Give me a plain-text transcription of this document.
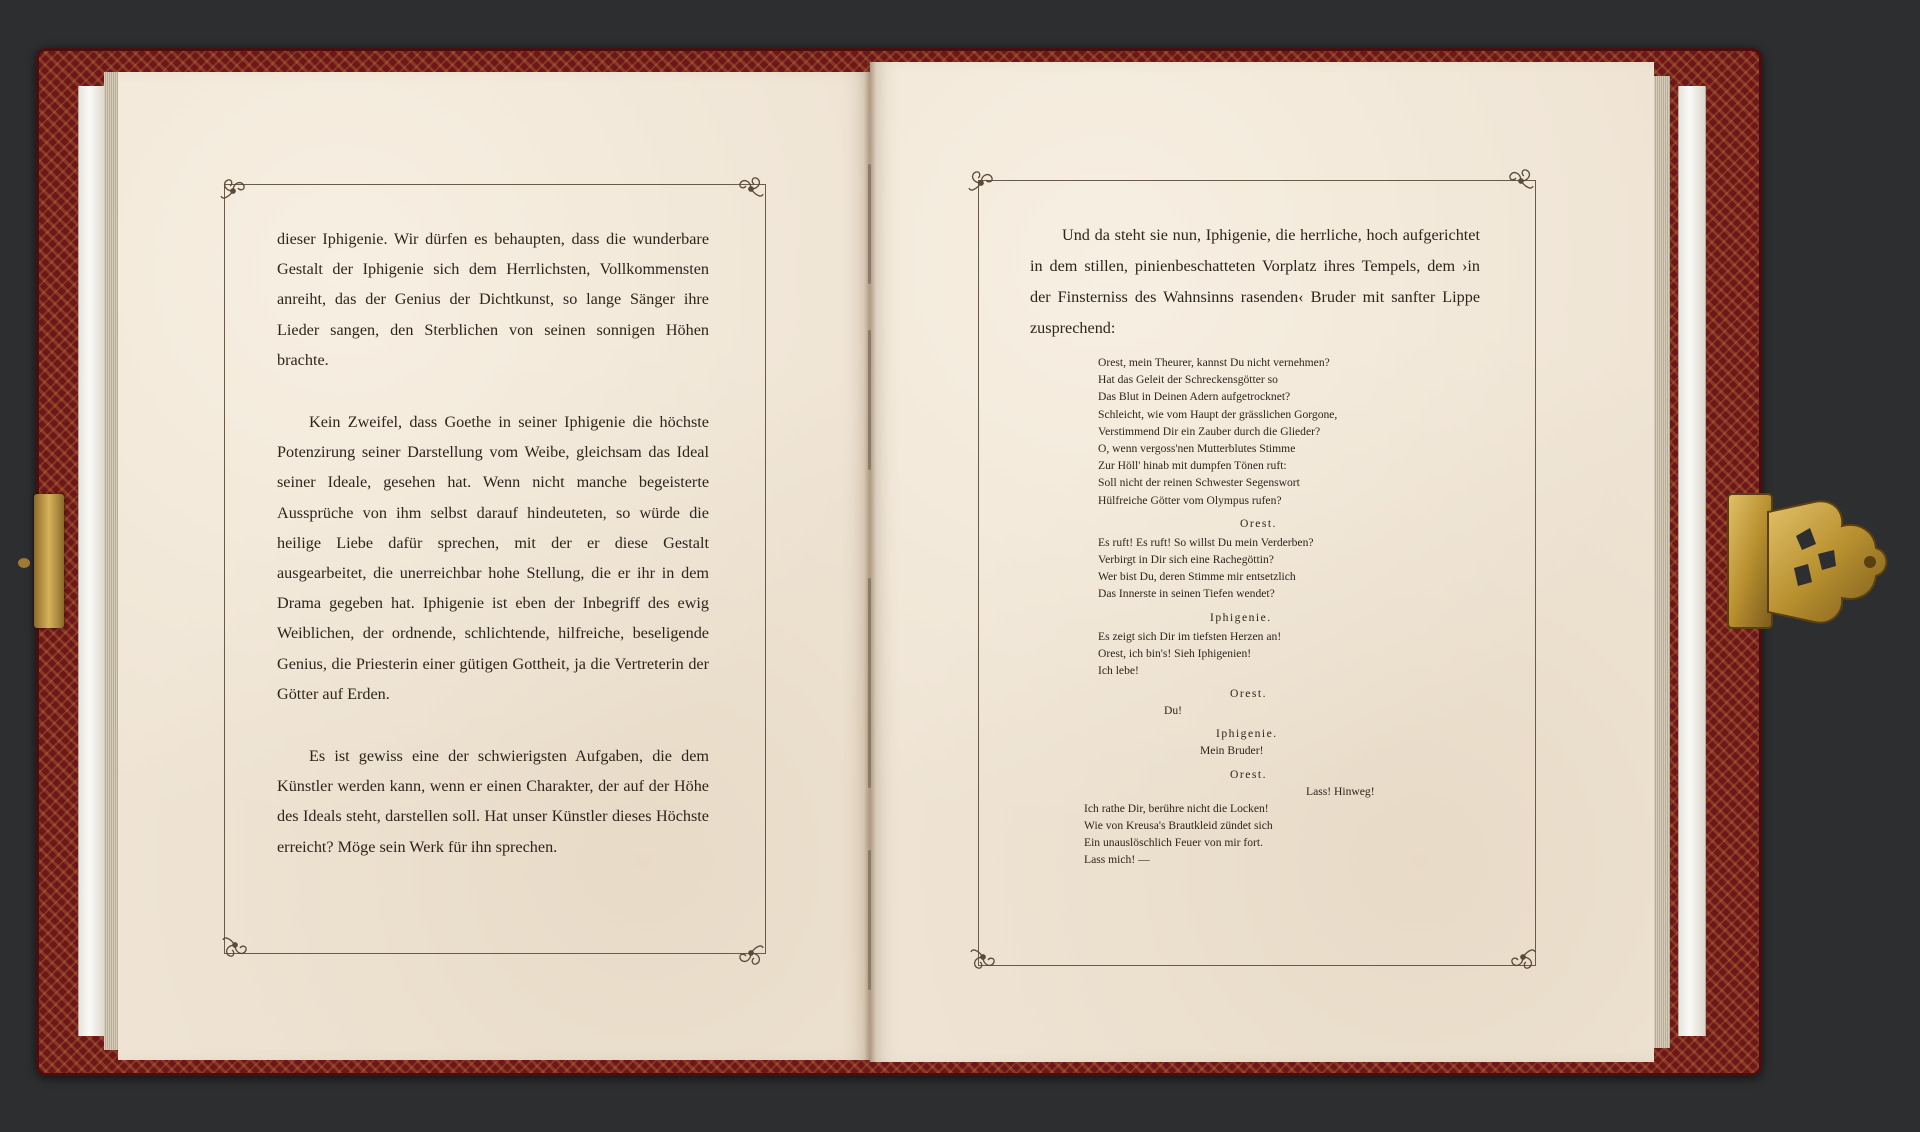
dieser Iphigenie. Wir dürfen es behaupten, dass die wunderbare Gestalt der Iphigenie sich dem Herrlichsten, Vollkommensten anreiht, das der Genius der Dichtkunst, so lange Sänger ihre Lieder sangen, den Sterblichen von seinen sonnigen Höhen brachte.

Kein Zweifel, dass Goethe in seiner Iphigenie die höchste Potenzirung seiner Darstellung vom Weibe, gleichsam das Ideal seiner Ideale, gesehen hat. Wenn nicht manche begeisterte Aussprüche von ihm selbst darauf hindeuteten, so würde die heilige Liebe dafür sprechen, mit der er diese Gestalt ausgearbeitet, die unerreichbar hohe Stellung, die er ihr in dem Drama gegeben hat. Iphigenie ist eben der Inbegriff des ewig Weiblichen, der ordnende, schlichtende, hilfreiche, beseligende Genius, die Priesterin einer gütigen Gottheit, ja die Vertreterin der Götter auf Erden.

Es ist gewiss eine der schwierigsten Aufgaben, die dem Künstler werden kann, wenn er einen Charakter, der auf der Höhe des Ideals steht, darstellen soll. Hat unser Künstler dieses Höchste erreicht? Möge sein Werk für ihn sprechen.

Und da steht sie nun, Iphigenie, die herrliche, hoch aufgerichtet in dem stillen, pinienbeschatteten Vorplatz ihres Tempels, dem ›in der Finsterniss des Wahnsinns rasenden‹ Bruder mit sanfter Lippe zusprechend:

Orest, mein Theurer, kannst Du nicht vernehmen?

Hat das Geleit der Schreckensgötter so

Das Blut in Deinen Adern aufgetrocknet?

Schleicht, wie vom Haupt der grässlichen Gorgone,

Verstimmend Dir ein Zauber durch die Glieder?

O, wenn vergoss'nen Mutterblutes Stimme

Zur Höll' hinab mit dumpfen Tönen ruft:

Soll nicht der reinen Schwester Segenswort

Hülfreiche Götter vom Olympus rufen?

Orest.

Es ruft! Es ruft! So willst Du mein Verderben?

Verbirgt in Dir sich eine Rachegöttin?

Wer bist Du, deren Stimme mir entsetzlich

Das Innerste in seinen Tiefen wendet?

Iphigenie.

Es zeigt sich Dir im tiefsten Herzen an!

Orest, ich bin's! Sieh Iphigenien!

Ich lebe!

Orest.

Du!

Iphigenie.

Mein Bruder!

Orest.

Lass! Hinweg!

Ich rathe Dir, berühre nicht die Locken!

Wie von Kreusa's Brautkleid zündet sich

Ein unauslöschlich Feuer von mir fort.

Lass mich! —
